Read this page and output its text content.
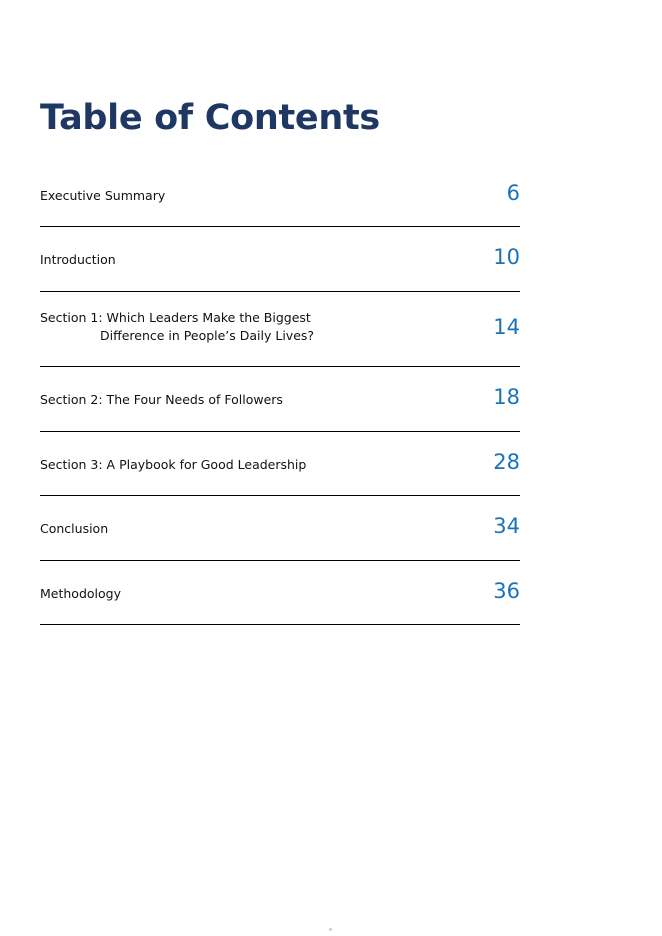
Table of Contents
Executive Summary	6
Introduction	10
Section 1: Which Leaders Make the Biggest
Difference in People’s Daily Lives?	14
Section 2: The Four Needs of Followers	18
Section 3: A Playbook for Good Leadership	28
Conclusion	34
Methodology	36
